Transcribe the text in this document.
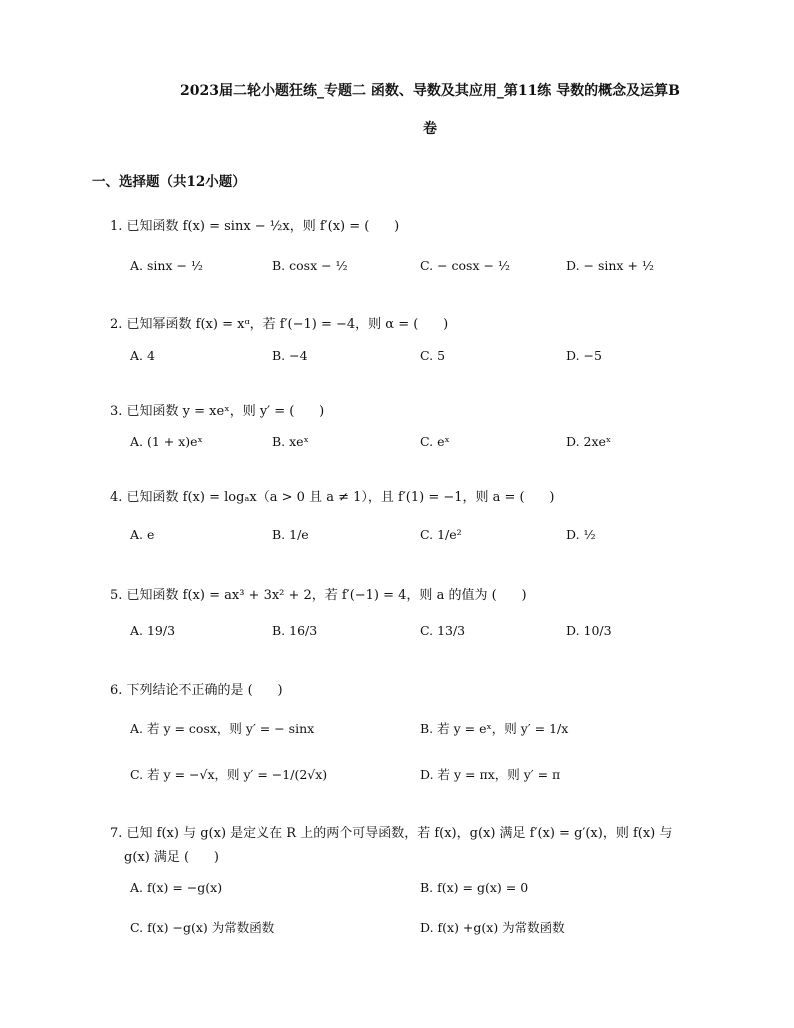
2023届二轮小题狂练_专题二 函数、导数及其应用_第11练 导数的概念及运算B
卷
一、选择题（共12小题）
1. 已知函数 f(x) = sinx − ½x，则 f′(x) = (      )
A. sinx − ½	B. cosx − ½	C. − cosx − ½	D. − sinx + ½
2. 已知幂函数 f(x) = xᵅ，若 f′(−1) = −4，则 α = (      )
A. 4	B. −4	C. 5	D. −5
3. 已知函数 y = xeˣ，则 y′ = (      )
A. (1 + x)eˣ	B. xeˣ	C. eˣ	D. 2xeˣ
4. 已知函数 f(x) = logₐx（a > 0 且 a ≠ 1），且 f′(1) = −1，则 a = (      )
A. e	B. 1/e	C. 1/e²	D. ½
5. 已知函数 f(x) = ax³ + 3x² + 2，若 f′(−1) = 4，则 a 的值为 (      )
A. 19/3	B. 16/3	C. 13/3	D. 10/3
6. 下列结论不正确的是 (      )
A. 若 y = cosx，则 y′ = − sinx	B. 若 y = eˣ，则 y′ = 1/x
C. 若 y = −√x，则 y′ = −1/(2√x)	D. 若 y = πx，则 y′ = π
7. 已知 f(x) 与 g(x) 是定义在 R 上的两个可导函数，若 f(x)，g(x) 满足 f′(x) = g′(x)，则 f(x) 与
g(x) 满足 (      )
A. f(x) = −g(x)	B. f(x) = g(x) = 0
C. f(x) −g(x) 为常数函数	D. f(x) +g(x) 为常数函数
